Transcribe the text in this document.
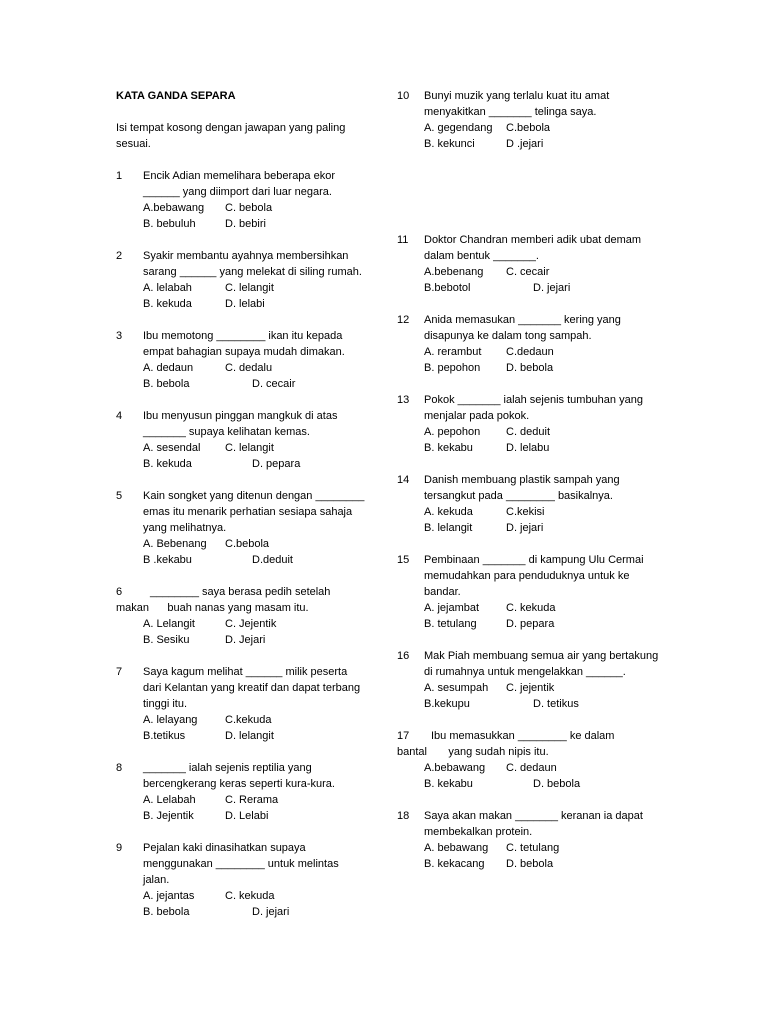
KATA GANDA SEPARA
Isi tempat kosong dengan jawapan yang paling sesuai.
1	Encik Adian memelihara beberapa ekor ______ yang diimport dari luar negara.
A.bebawang	C. bebola
B. bebuluh	D. bebiri
2	Syakir membantu ayahnya membersihkan sarang ______ yang melekat di siling rumah.
A. lelabah	C. lelangit
B. kekuda	D. lelabi
3	Ibu memotong ________ ikan itu kepada empat bahagian supaya mudah dimakan.
A. dedaun	C. dedalu
B. bebola	D. cecair
4	Ibu menyusun pinggan mangkuk di atas _______ supaya kelihatan kemas.
A. sesendal	C. lelangit
B. kekuda	D. pepara
5	Kain songket yang ditenun dengan ________ emas itu menarik perhatian sesiapa sahaja yang melihatnya.
A. Bebenang	C.bebola
B .kekabu	D.deduit
6	________ saya berasa pedih setelah
makan      buah nanas yang masam itu.
A. Lelangit	C. Jejentik
B. Sesiku	D. Jejari
7	Saya kagum melihat ______ milik peserta dari Kelantan yang kreatif dan dapat terbang tinggi itu.
A. lelayang	C.kekuda
B.tetikus	D. lelangit
8	_______ ialah sejenis reptilia yang bercengkerang keras seperti kura-kura.
A. Lelabah	C. Rerama
B. Jejentik	D. Lelabi
9	Pejalan kaki dinasihatkan supaya menggunakan ________ untuk melintas jalan.
A. jejantas	C. kekuda
B. bebola	D. jejari
10	Bunyi muzik yang terlalu kuat itu amat menyakitkan _______ telinga saya.
A. gegendang	C.bebola
B. kekunci	D .jejari
11	Doktor Chandran memberi adik ubat demam dalam bentuk _______.
A.bebenang	C. cecair
B.bebotol	D. jejari
12	Anida memasukan _______ kering yang disapunya ke dalam tong sampah.
A. rerambut	C.dedaun
B. pepohon	D. bebola
13	Pokok _______ ialah sejenis tumbuhan yang menjalar pada pokok.
A. pepohon	C. deduit
B. kekabu	D. lelabu
14	Danish membuang plastik sampah yang tersangkut pada ________ basikalnya.
A. kekuda	C.kekisi
B. lelangit	D. jejari
15	Pembinaan _______ di kampung Ulu Cermai memudahkan para penduduknya untuk ke bandar.
A. jejambat	C. kekuda
B. tetulang	D. pepara
16	Mak Piah membuang semua air yang bertakung di rumahnya untuk mengelakkan ______.
A. sesumpah	C. jejentik
B.kekupu	D. tetikus
17	Ibu memasukkan ________ ke dalam
bantal       yang sudah nipis itu.
A.bebawang	C. dedaun
B. kekabu	D. bebola
18	Saya akan makan _______ keranan ia dapat membekalkan protein.
A. bebawang	C. tetulang
B. kekacang	D. bebola
